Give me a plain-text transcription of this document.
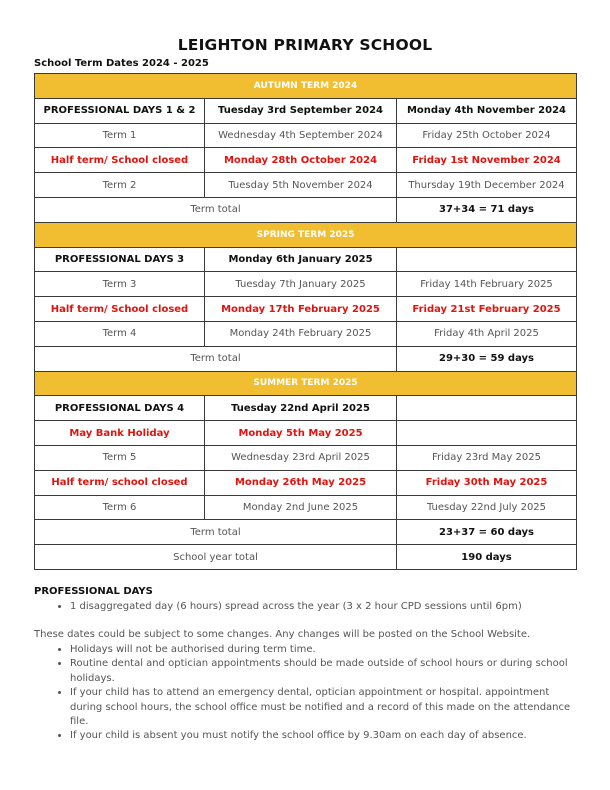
LEIGHTON PRIMARY SCHOOL
School Term Dates 2024 - 2025
AUTUMN TERM 2024		
PROFESSIONAL DAYS 1 & 2	Tuesday 3rd September 2024	Monday 4th November 2024
Term 1	Wednesday 4th September 2024	Friday 25th October 2024
Half term/ School closed	Monday 28th October 2024	Friday 1st November 2024
Term 2	Tuesday 5th November 2024	Thursday 19th December 2024
Term total		37+34 = 71 days
SPRING TERM 2025		
PROFESSIONAL DAYS 3	Monday 6th January 2025	
Term 3	Tuesday 7th January 2025	Friday 14th February 2025
Half term/ School closed	Monday 17th February 2025	Friday 21st February 2025
Term 4	Monday 24th February 2025	Friday 4th April 2025
Term total		29+30 = 59 days
SUMMER TERM 2025		
PROFESSIONAL DAYS 4	Tuesday 22nd April 2025	
May Bank Holiday	Monday 5th May 2025	
Term 5	Wednesday 23rd April 2025	Friday 23rd May 2025
Half term/ school closed	Monday 26th May 2025	Friday 30th May 2025
Term 6	Monday 2nd June 2025	Tuesday 22nd July 2025
Term total		23+37 = 60 days
School year total		190 days
PROFESSIONAL DAYS
• 1 disaggregated day (6 hours) spread across the year (3 x 2 hour CPD sessions until 6pm)
These dates could be subject to some changes. Any changes will be posted on the School Website.
• Holidays will not be authorised during term time.
• Routine dental and optician appointments should be made outside of school hours or during school holidays.
• If your child has to attend an emergency dental, optician appointment or hospital. appointment during school hours, the school office must be notified and a record of this made on the attendance file.
• If your child is absent you must notify the school office by 9.30am on each day of absence.
